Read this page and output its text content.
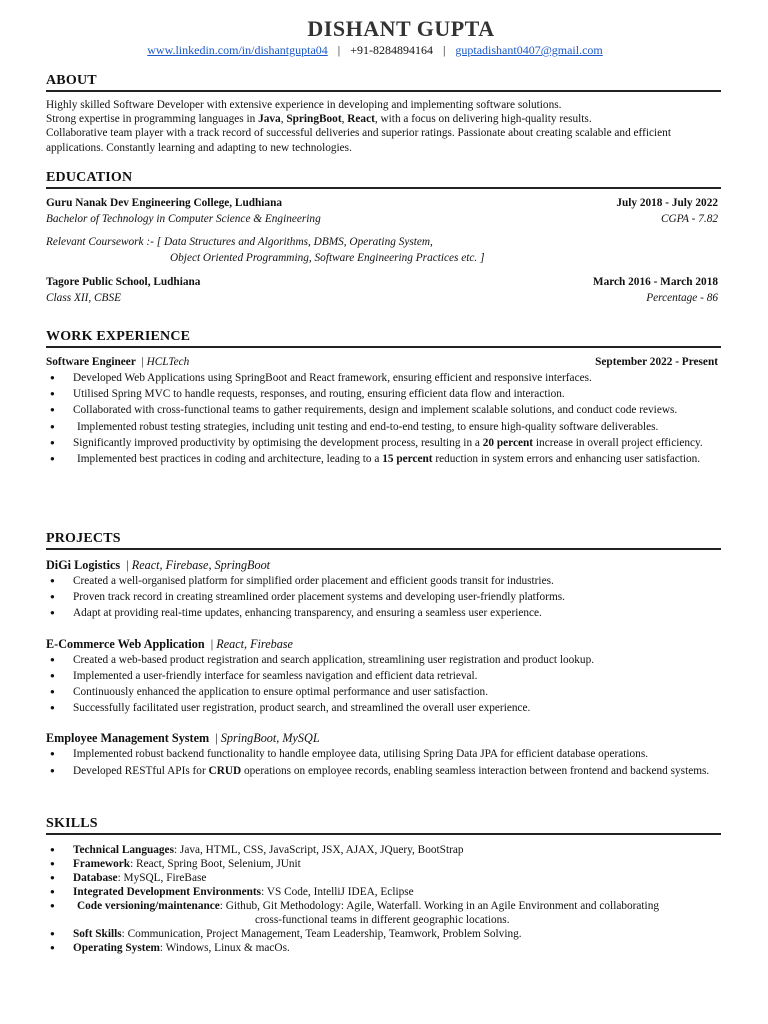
DISHANT GUPTA
www.linkedin.com/in/dishantgupta04 | +91-8284894164 | guptadishant0407@gmail.com
ABOUT
Highly skilled Software Developer with extensive experience in developing and implementing software solutions.
Strong expertise in programming languages in Java, SpringBoot, React, with a focus on delivering high-quality results.
Collaborative team player with a track record of successful deliveries and superior ratings. Passionate about creating scalable and efficient applications. Constantly learning and adapting to new technologies.
EDUCATION
Guru Nanak Dev Engineering College, Ludhiana	July 2018 - July 2022
Bachelor of Technology in Computer Science & Engineering	CGPA - 7.82
Relevant Coursework :- [ Data Structures and Algorithms, DBMS, Operating System,
Object Oriented Programming, Software Engineering Practices etc. ]
Tagore Public School, Ludhiana	March 2016 - March 2018
Class XII, CBSE	Percentage - 86
WORK EXPERIENCE
Software Engineer | HCLTech	September 2022 - Present
● Developed Web Applications using SpringBoot and React framework, ensuring efficient and responsive interfaces.
● Utilised Spring MVC to handle requests, responses, and routing, ensuring efficient data flow and interaction.
● Collaborated with cross-functional teams to gather requirements, design and implement scalable solutions, and conduct code reviews.
● Implemented robust testing strategies, including unit testing and end-to-end testing, to ensure high-quality software deliverables.
● Significantly improved productivity by optimising the development process, resulting in a 20 percent increase in overall project efficiency.
● Implemented best practices in coding and architecture, leading to a 15 percent reduction in system errors and enhancing user satisfaction.
PROJECTS
DiGi Logistics  | React, Firebase, SpringBoot
● Created a well-organised platform for simplified order placement and efficient goods transit for industries.
● Proven track record in creating streamlined order placement systems and developing user-friendly platforms.
● Adapt at providing real-time updates, enhancing transparency, and ensuring a seamless user experience.
E-Commerce Web Application  | React, Firebase
● Created a web-based product registration and search application, streamlining user registration and product lookup.
● Implemented a user-friendly interface for seamless navigation and efficient data retrieval.
● Continuously enhanced the application to ensure optimal performance and user satisfaction.
● Successfully facilitated user registration, product search, and streamlined the overall user experience.
Employee Management System  | SpringBoot, MySQL
● Implemented robust backend functionality to handle employee data, utilising Spring Data JPA for efficient database operations.
● Developed RESTful APIs for CRUD operations on employee records, enabling seamless interaction between frontend and backend systems.
SKILLS
● Technical Languages: Java, HTML, CSS, JavaScript, JSX, AJAX, JQuery, BootStrap
● Framework: React, Spring Boot, Selenium, JUnit
● Database: MySQL, FireBase
● Integrated Development Environments: VS Code, IntelliJ IDEA, Eclipse
● Code versioning/maintenance: Github, Git Methodology: Agile, Waterfall. Working in an Agile Environment and collaborating
cross-functional teams in different geographic locations.
● Soft Skills: Communication, Project Management, Team Leadership, Teamwork, Problem Solving.
● Operating System: Windows, Linux & macOs.
